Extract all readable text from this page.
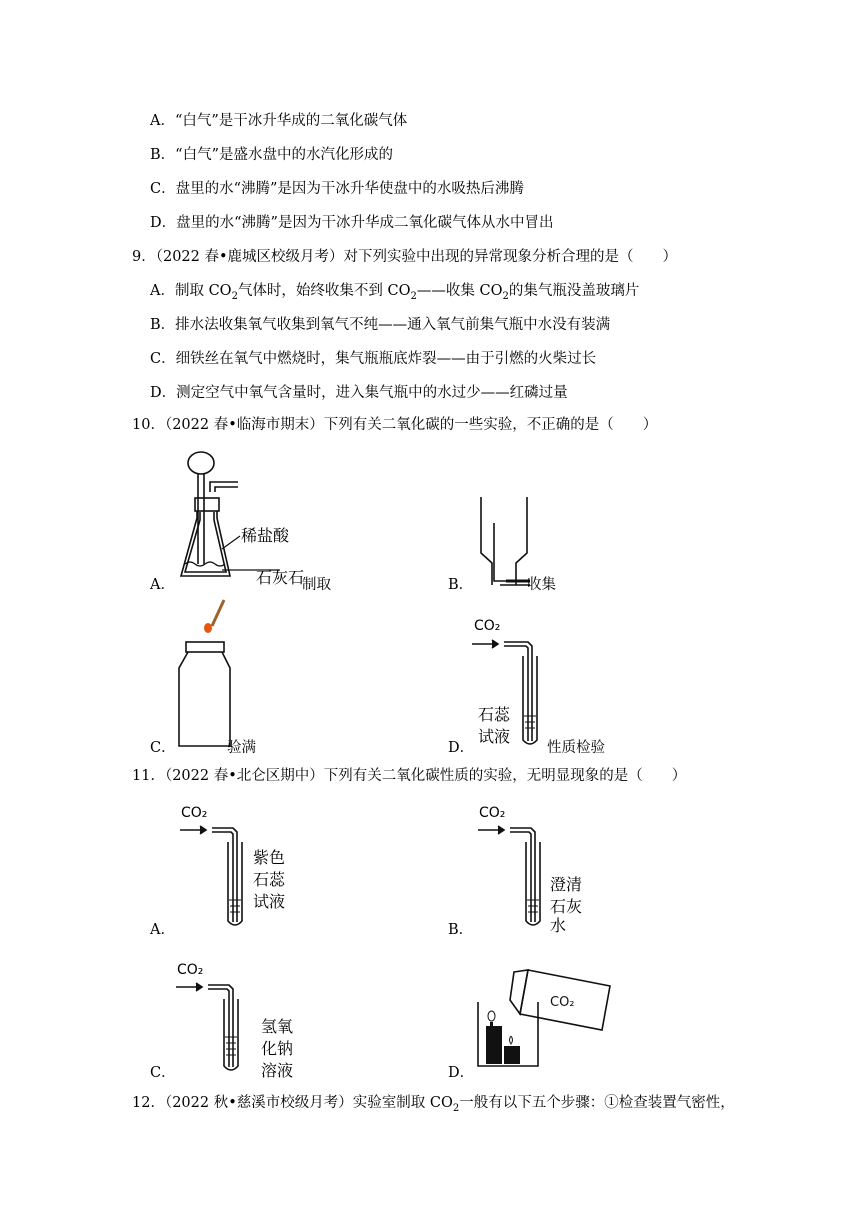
A．“白气”是干冰升华成的二氧化碳气体
B．“白气”是盛水盘中的水汽化形成的
C．盘里的水“沸腾”是因为干冰升华使盘中的水吸热后沸腾
D．盘里的水“沸腾”是因为干冰升华成二氧化碳气体从水中冒出
9．（2022 春•鹿城区校级月考）对下列实验中出现的异常现象分析合理的是（　　）
A．制取 $CO_2$气体时，始终收集不到 $CO_2——$收集 $CO_2$的集气瓶没盖玻璃片
B．排水法收集氧气收集到氧气不纯——通入氧气前集气瓶中水没有装满
C．细铁丝在氧气中燃烧时，集气瓶瓶底炸裂——由于引燃的火柴过长
D．测定空气中氧气含量时，进入集气瓶中的水过少——红磷过量
10．（2022 春•临海市期末）下列有关二氧化碳的一些实验，不正确的是（　　）
稀盐酸
石灰石
A．	制取	B．	收集
C．	验满
CO₂
石蕊
试液
D．	性质检验
11．（2022 春•北仑区期中）下列有关二氧化碳性质的实验，无明显现象的是（　　）
CO₂
紫色
石蕊
试液
A．
CO₂
澄清
石灰
水
B．
CO₂
氢氧
化钠
溶液
C．
CO₂
D．
12．（2022 秋•慈溪市校级月考）实验室制取 $CO_2$一般有以下五个步骤：①检查装置气密性，
